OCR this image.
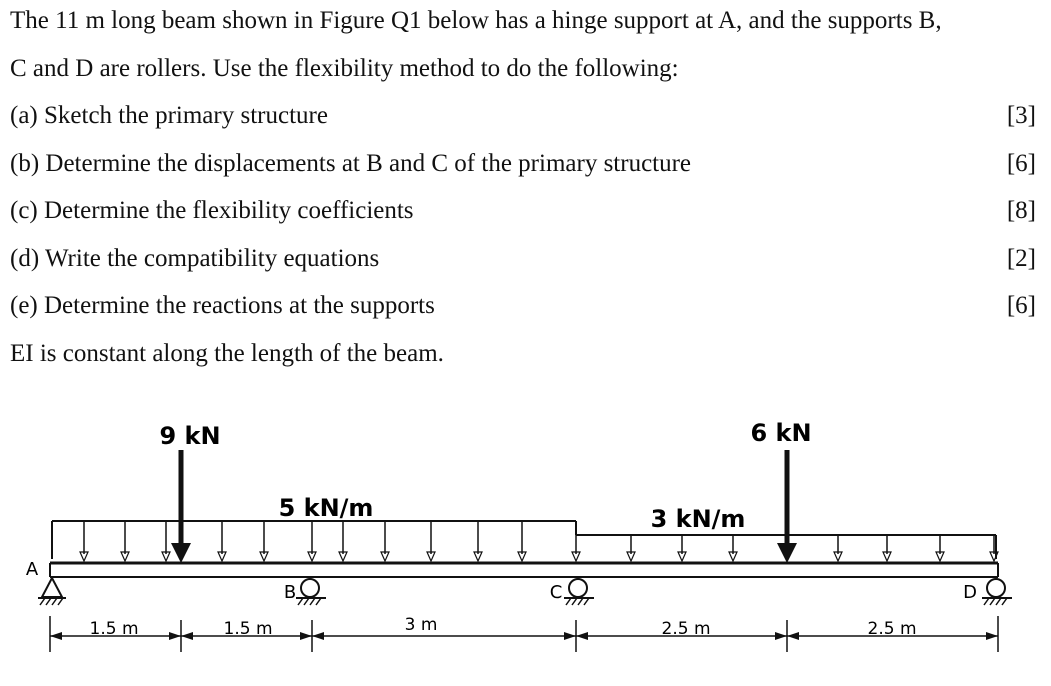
The 11 m long beam shown in Figure Q1 below has a hinge support at A, and the supports B,
C and D are rollers. Use the flexibility method to do the following:
(a) Sketch the primary structure	[3]
(b) Determine the displacements at B and C of the primary structure	[6]
(c) Determine the flexibility coefficients	[8]
(d) Write the compatibility equations	[2]
(e) Determine the reactions at the supports	[6]
EI is constant along the length of the beam.
5 kN/m	3 kN/m
9 kN	6 kN
A
B	C	D
1.5 m	1.5 m	3 m	2.5 m	2.5 m
